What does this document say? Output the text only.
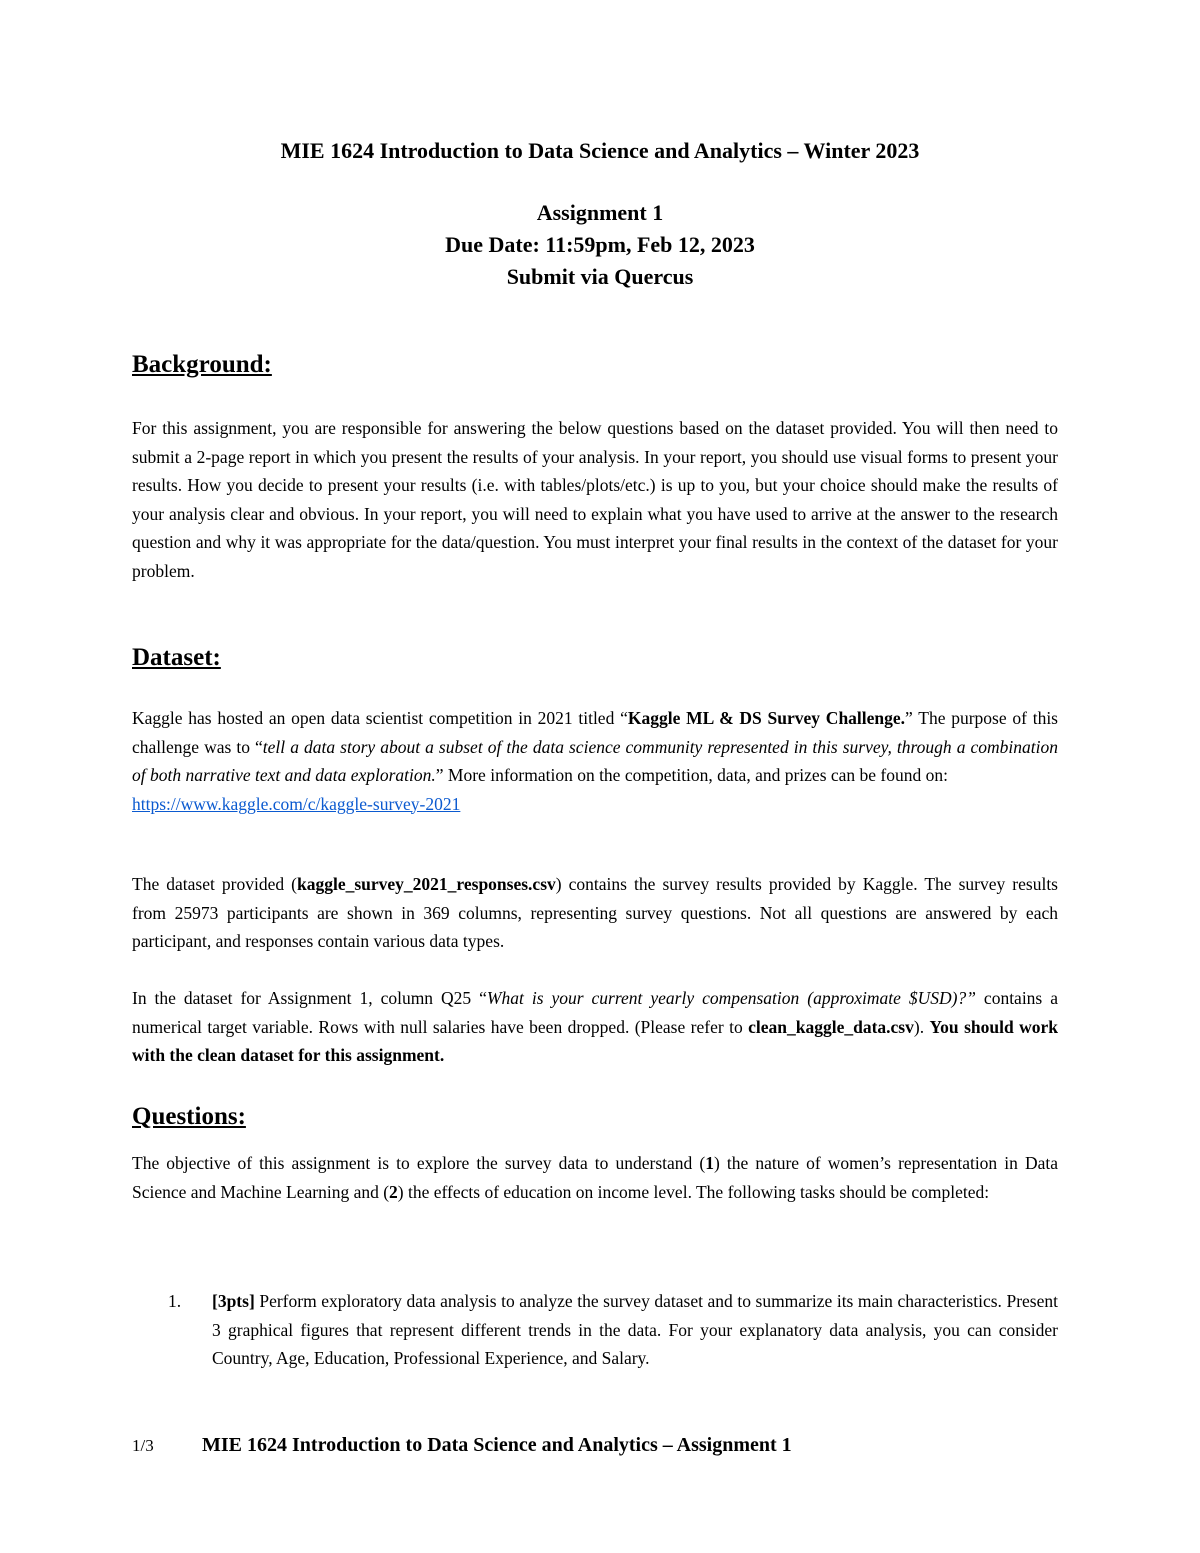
MIE 1624 Introduction to Data Science and Analytics – Winter 2023
Assignment 1
Due Date: 11:59pm, Feb 12, 2023
Submit via Quercus
Background:
For this assignment, you are responsible for answering the below questions based on the dataset provided. You will then need to submit a 2-page report in which you present the results of your analysis. In your report, you should use visual forms to present your results. How you decide to present your results (i.e. with tables/plots/etc.) is up to you, but your choice should make the results of your analysis clear and obvious. In your report, you will need to explain what you have used to arrive at the answer to the research question and why it was appropriate for the data/question. You must interpret your final results in the context of the dataset for your problem.
Dataset:
Kaggle has hosted an open data scientist competition in 2021 titled “Kaggle ML & DS Survey Challenge.” The purpose of this challenge was to “tell a data story about a subset of the data science community represented in this survey, through a combination of both narrative text and data exploration.” More information on the competition, data, and prizes can be found on:
https://www.kaggle.com/c/kaggle-survey-2021
The dataset provided (kaggle_survey_2021_responses.csv) contains the survey results provided by Kaggle. The survey results from 25973 participants are shown in 369 columns, representing survey questions. Not all questions are answered by each participant, and responses contain various data types.
In the dataset for Assignment 1, column Q25 “What is your current yearly compensation (approximate $USD)?” contains a numerical target variable. Rows with null salaries have been dropped. (Please refer to clean_kaggle_data.csv). You should work with the clean dataset for this assignment.
Questions:
The objective of this assignment is to explore the survey data to understand (1) the nature of women’s representation in Data Science and Machine Learning and (2) the effects of education on income level. The following tasks should be completed:
1.	[3pts] Perform exploratory data analysis to analyze the survey dataset and to summarize its main characteristics. Present 3 graphical figures that represent different trends in the data. For your explanatory data analysis, you can consider Country, Age, Education, Professional Experience, and Salary.
1/3 MIE 1624 Introduction to Data Science and Analytics – Assignment 1
